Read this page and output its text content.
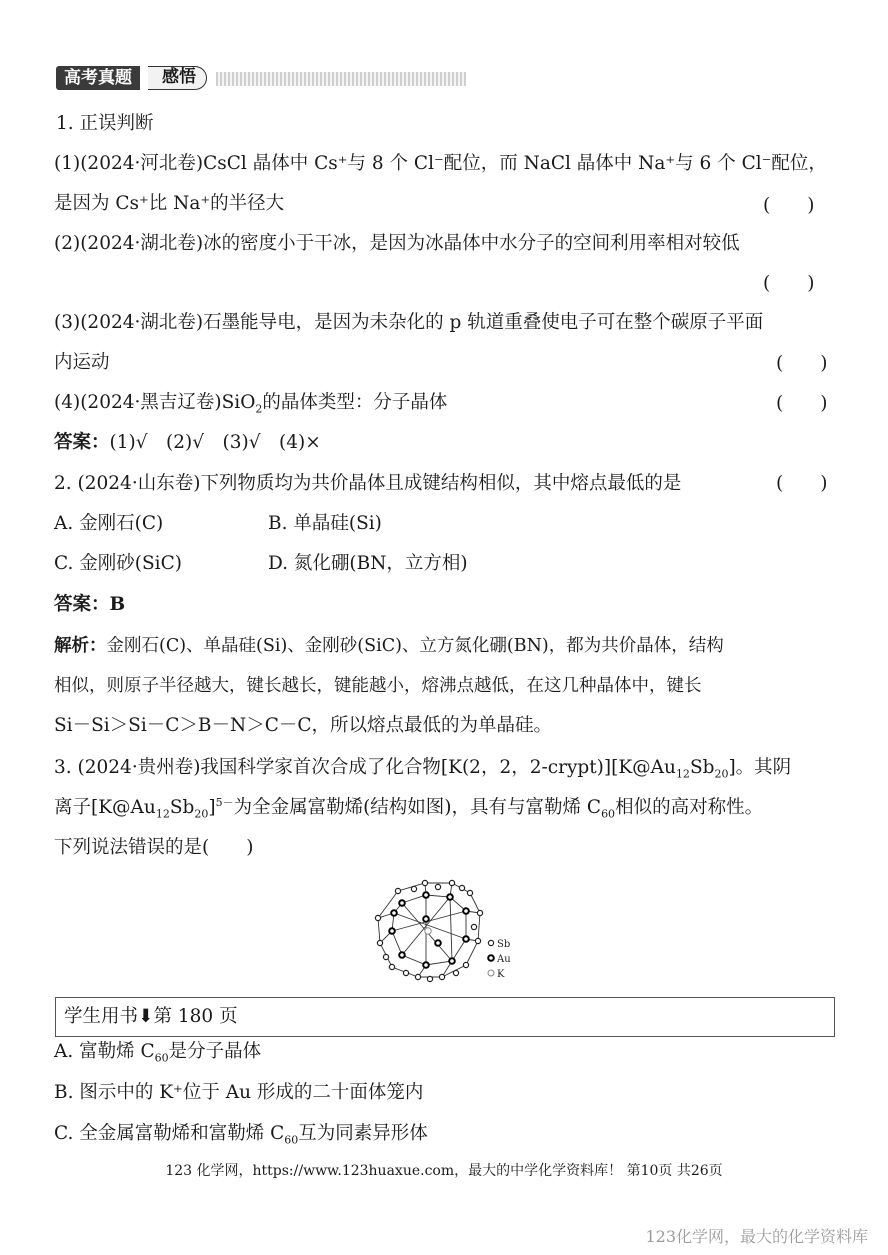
高考真题	感悟
1. 正误判断
(1)(2024·河北卷)CsCl 晶体中 Cs⁺与 8 个 Cl⁻配位，而 NaCl 晶体中 Na⁺与 6 个 Cl⁻配位，
是因为 Cs⁺比 Na⁺的半径大	(　　)
(2)(2024·湖北卷)冰的密度小于干冰，是因为冰晶体中水分子的空间利用率相对较低
(　　)
(3)(2024·湖北卷)石墨能导电，是因为未杂化的 p 轨道重叠使电子可在整个碳原子平面
内运动	(　　)
(4)(2024·黑吉辽卷)SiO$_2$的晶体类型：分子晶体	(　　)
答案：(1)√　(2)√　(3)√　(4)×
2. (2024·山东卷)下列物质均为共价晶体且成键结构相似，其中熔点最低的是	(　　)
A. 金刚石(C)	B. 单晶硅(Si)
C. 金刚砂(SiC)	D. 氮化硼(BN，立方相)
答案：B
解析：金刚石(C)、单晶硅(Si)、金刚砂(SiC)、立方氮化硼(BN)，都为共价晶体，结构
相似，则原子半径越大，键长越长，键能越小，熔沸点越低，在这几种晶体中，键长
Si－Si＞Si－C＞B－N＞C－C，所以熔点最低的为单晶硅。
3. (2024·贵州卷)我国科学家首次合成了化合物[K(2，2，$2-crypt)][K@Au_{12}Sb_{20}]$。其阴
离子$[K@Au_{12}Sb_{20}]^{5-}$为全金属富勒烯(结构如图)，具有与富勒烯 $C_{60}$相似的高对称性。
下列说法错误的是(　　)
Sb
Au
K
学生用书⬇第 180 页
A. 富勒烯 $C_{60}$是分子晶体
B. 图示中的 K⁺位于 Au 形成的二十面体笼内
C. 全金属富勒烯和富勒烯 $C_{60}$互为同素异形体
123 化学网，https://www.123huaxue.com，最大的中学化学资料库！ 第10页 共26页
123化学网，最大的化学资料库
